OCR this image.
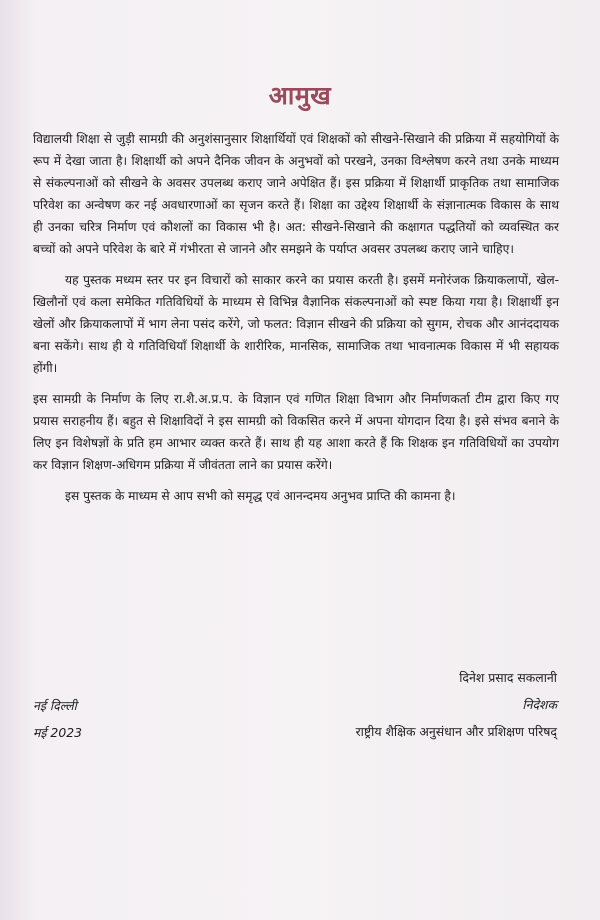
आमुख

विद्यालयी शिक्षा से जुड़ी सामग्री की अनुशंसानुसार शिक्षार्थियों एवं शिक्षकों को सीखने-सिखाने की प्रक्रिया में सहयोगियों के रूप में देखा जाता है। शिक्षार्थी को अपने दैनिक जीवन के अनुभवों को परखने, उनका विश्लेषण करने तथा उनके माध्यम से संकल्पनाओं को सीखने के अवसर उपलब्ध कराए जाने अपेक्षित हैं। इस प्रक्रिया में शिक्षार्थी प्राकृतिक तथा सामाजिक परिवेश का अन्वेषण कर नई अवधारणाओं का सृजन करते हैं। शिक्षा का उद्देश्य शिक्षार्थी के संज्ञानात्मक विकास के साथ ही उनका चरित्र निर्माण एवं कौशलों का विकास भी है। अत: सीखने-सिखाने की कक्षागत पद्धतियों को व्यवस्थित कर बच्चों को अपने परिवेश के बारे में गंभीरता से जानने और समझने के पर्याप्त अवसर उपलब्ध कराए जाने चाहिए।

यह पुस्तक मध्यम स्तर पर इन विचारों को साकार करने का प्रयास करती है। इसमें मनोरंजक क्रियाकलापों, खेल-खिलौनों एवं कला समेकित गतिविधियों के माध्यम से विभिन्न वैज्ञानिक संकल्पनाओं को स्पष्ट किया गया है। शिक्षार्थी इन खेलों और क्रियाकलापों में भाग लेना पसंद करेंगे, जो फलत: विज्ञान सीखने की प्रक्रिया को सुगम, रोचक और आनंददायक बना सकेंगे। साथ ही ये गतिविधियाँ शिक्षार्थी के शारीरिक, मानसिक, सामाजिक तथा भावनात्मक विकास में भी सहायक होंगी।

इस सामग्री के निर्माण के लिए रा.शै.अ.प्र.प. के विज्ञान एवं गणित शिक्षा विभाग और निर्माणकर्ता टीम द्वारा किए गए प्रयास सराहनीय हैं। बहुत से शिक्षाविदों ने इस सामग्री को विकसित करने में अपना योगदान दिया है। इसे संभव बनाने के लिए इन विशेषज्ञों के प्रति हम आभार व्यक्त करते हैं। साथ ही यह आशा करते हैं कि शिक्षक इन गतिविधियों का उपयोग कर विज्ञान शिक्षण-अधिगम प्रक्रिया में जीवंतता लाने का प्रयास करेंगे।

इस पुस्तक के माध्यम से आप सभी को समृद्ध एवं आनन्दमय अनुभव प्राप्ति की कामना है।

दिनेश प्रसाद सकलानी
निदेशक
राष्ट्रीय शैक्षिक अनुसंधान और प्रशिक्षण परिषद्
नई दिल्ली
मई 2023
